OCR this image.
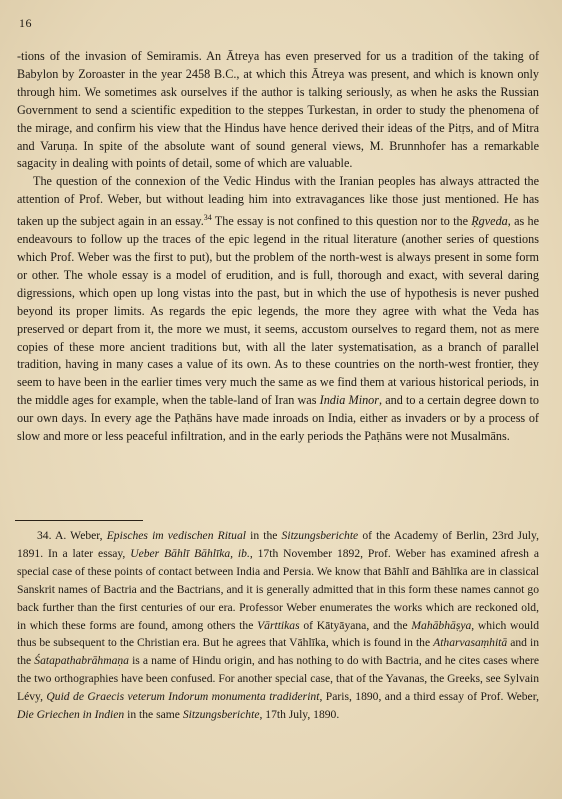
16

-tions of the invasion of Semiramis. An Ātreya has even preserved for us a tradition of the taking of Babylon by Zoroaster in the year 2458 B.C., at which this Ātreya was present, and which is known only through him. We sometimes ask ourselves if the author is talking seriously, as when he asks the Russian Government to send a scientific expedition to the steppes Turkestan, in order to study the phenomena of the mirage, and confirm his view that the Hindus have hence derived their ideas of the Pitṛs, and of Mitra and Varuṇa. In spite of the absolute want of sound general views, M. Brunnhofer has a remarkable sagacity in dealing with points of detail, some of which are valuable.

The question of the connexion of the Vedic Hindus with the Iranian peoples has always attracted the attention of Prof. Weber, but without leading him into extravagances like those just mentioned. He has taken up the subject again in an essay.$^{34}$ The essay is not confined to this question nor to the Ṛgveda, as he endeavours to follow up the traces of the epic legend in the ritual literature (another series of questions which Prof. Weber was the first to put), but the problem of the north-west is always present in some form or other. The whole essay is a model of erudition, and is full, thorough and exact, with several daring digressions, which open up long vistas into the past, but in which the use of hypothesis is never pushed beyond its proper limits. As regards the epic legends, the more they agree with what the Veda has preserved or depart from it, the more we must, it seems, accustom ourselves to regard them, not as mere copies of these more ancient traditions but, with all the later systematisation, as a branch of parallel tradition, having in many cases a value of its own. As to these countries on the north-west frontier, they seem to have been in the earlier times very much the same as we find them at various historical periods, in the middle ages for example, when the table-land of Iran was India Minor, and to a certain degree down to our own days. In every age the Paṭhāns have made inroads on India, either as invaders or by a process of slow and more or less peaceful infiltration, and in the early periods the Paṭhāns were not Musalmāns.

34. A. Weber, Episches im vedischen Ritual in the Sitzungsberichte of the Academy of Berlin, 23rd July, 1891. In a later essay, Ueber Bāhlī Bāhlīka, ib., 17th November 1892, Prof. Weber has examined afresh a special case of these points of contact between India and Persia. We know that Bāhlī and Bāhlīka are in classical Sanskrit names of Bactria and the Bactrians, and it is generally admitted that in this form these names cannot go back further than the first centuries of our era. Professor Weber enumerates the works which are reckoned old, in which these forms are found, among others the Vārttikas of Kātyāyana, and the Mahābhāṣya, which would thus be subsequent to the Christian era. But he agrees that Vāhlīka, which is found in the Atharvasaṃhitā and in the Śatapathabrāhmaṇa is a name of Hindu origin, and has nothing to do with Bactria, and he cites cases where the two orthographies have been confused. For another special case, that of the Yavanas, the Greeks, see Sylvain Lévy, Quid de Graecis veterum Indorum monumenta tradiderint, Paris, 1890, and a third essay of Prof. Weber, Die Griechen in Indien in the same Sitzungsberichte, 17th July, 1890.
